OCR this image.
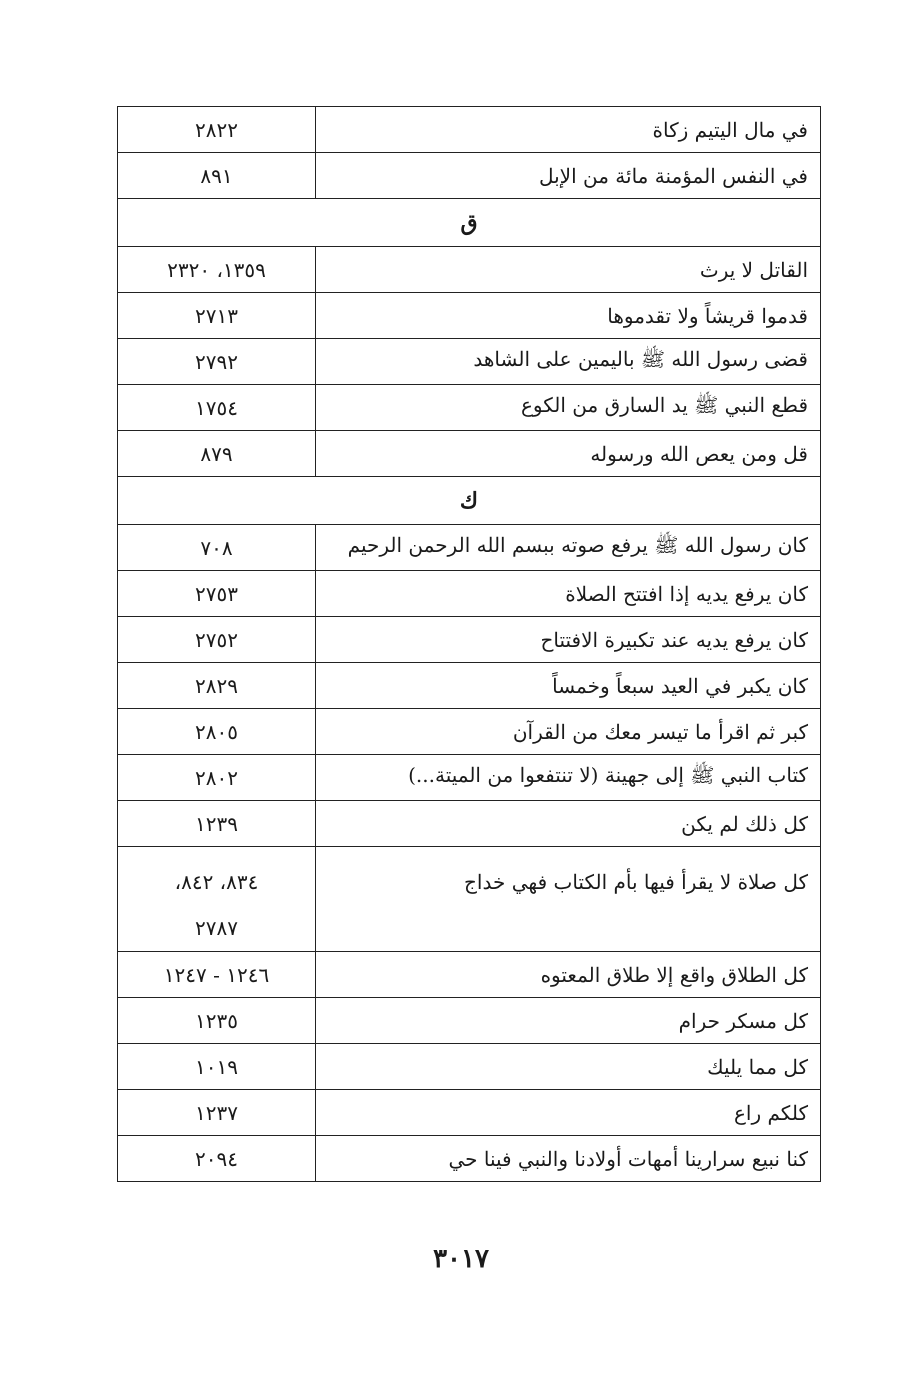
في مال اليتيم زكاة	٢٨٢٢
في النفس المؤمنة مائة من الإبل	٨٩١
ق	
القاتل لا يرث	١٣٥٩، ٢٣٢٠
قدموا قريشاً ولا تقدموها	٢٧١٣
قضى رسول الله ﷺ باليمين على الشاهد	٢٧٩٢
قطع النبي ﷺ يد السارق من الكوع	١٧٥٤
قل ومن يعص الله ورسوله	٨٧٩
ك	
كان رسول الله ﷺ يرفع صوته ببسم الله الرحمن الرحيم	٧٠٨
كان يرفع يديه إذا افتتح الصلاة	٢٧٥٣
كان يرفع يديه عند تكبيرة الافتتاح	٢٧٥٢
كان يكبر في العيد سبعاً وخمساً	٢٨٢٩
كبر ثم اقرأ ما تيسر معك من القرآن	٢٨٠٥
كتاب النبي ﷺ إلى جهينة (لا تنتفعوا من الميتة...)	٢٨٠٢
كل ذلك لم يكن	١٢٣٩
كل صلاة لا يقرأ فيها بأم الكتاب فهي خداج	٨٣٤، ٨٤٢،
٢٧٨٧

كل الطلاق واقع إلا طلاق المعتوه	١٢٤٦ - ١٢٤٧
كل مسكر حرام	١٢٣٥
كل مما يليك	١٠١٩
كلكم راع	١٢٣٧
كنا نبيع سرارينا أمهات أولادنا والنبي فينا حي	٢٠٩٤
٣٠١٧
